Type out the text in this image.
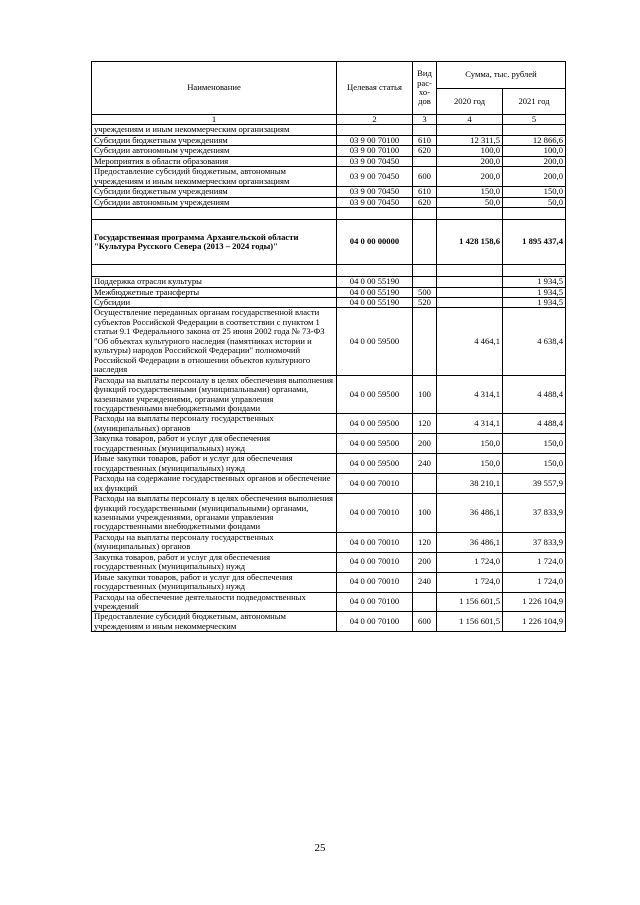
Наименование	Целевая статья	Вид рас-хо-дов	Сумма, тыс. рублей	
			2020 год	2021 год
1	2	3	4	5
учреждениям и иным некоммерческим организациям				
Субсидии бюджетным учреждениям	03 9 00 70100	610	12 311,5	12 866,6
Субсидии автономным учреждениям	03 9 00 70100	620	100,0	100,0
Мероприятия в области образования	03 9 00 70450		200,0	200,0
Предоставление субсидий бюджетным, автономным учреждениям и иным некоммерческим организациям	03 9 00 70450	600	200,0	200,0
Субсидии бюджетным учреждениям	03 9 00 70450	610	150,0	150,0
Субсидии автономным учреждениям	03 9 00 70450	620	50,0	50,0

Государственная программа Архангельской области "Культура Русского Севера (2013 – 2024 годы)"	04 0 00 00000		1 428 158,6	1 895 437,4

Поддержка отрасли культуры	04 0 00 55190			1 934,5
Межбюджетные трансферты	04 0 00 55190	500		1 934,5
Субсидии	04 0 00 55190	520		1 934,5
Осуществление переданных органам государственной власти субъектов Российской Федерации в соответствии с пунктом 1 статьи 9.1 Федерального закона от 25 июня 2002 года № 73-ФЗ "Об объектах культурного наследия (памятниках истории и культуры) народов Российской Федерации" полномочий Российской Федерации в отношении объектов культурного наследия	04 0 00 59500		4 464,1	4 638,4
Расходы на выплаты персоналу в целях обеспечения выполнения функций государственными (муниципальными) органами, казенными учреждениями, органами управления государственными внебюджетными фондами	04 0 00 59500	100	4 314,1	4 488,4
Расходы на выплаты персоналу государственных (муниципальных) органов	04 0 00 59500	120	4 314,1	4 488,4
Закупка товаров, работ и услуг для обеспечения государственных (муниципальных) нужд	04 0 00 59500	200	150,0	150,0
Иные закупки товаров, работ и услуг для обеспечения государственных (муниципальных) нужд	04 0 00 59500	240	150,0	150,0
Расходы на содержание государственных органов и обеспечение их функций	04 0 00 70010		38 210,1	39 557,9
Расходы на выплаты персоналу в целях обеспечения выполнения функций государственными (муниципальными) органами, казенными учреждениями, органами управления государственными внебюджетными фондами	04 0 00 70010	100	36 486,1	37 833,9
Расходы на выплаты персоналу государственных (муниципальных) органов	04 0 00 70010	120	36 486,1	37 833,9
Закупка товаров, работ и услуг для обеспечения государственных (муниципальных) нужд	04 0 00 70010	200	1 724,0	1 724,0
Иные закупки товаров, работ и услуг для обеспечения государственных (муниципальных) нужд	04 0 00 70010	240	1 724,0	1 724,0
Расходы на обеспечение деятельности подведомственных учреждений	04 0 00 70100		1 156 601,5	1 226 104,9
Предоставление субсидий бюджетным, автономным учреждениям и иным некоммерческим	04 0 00 70100	600	1 156 601,5	1 226 104,9
25
